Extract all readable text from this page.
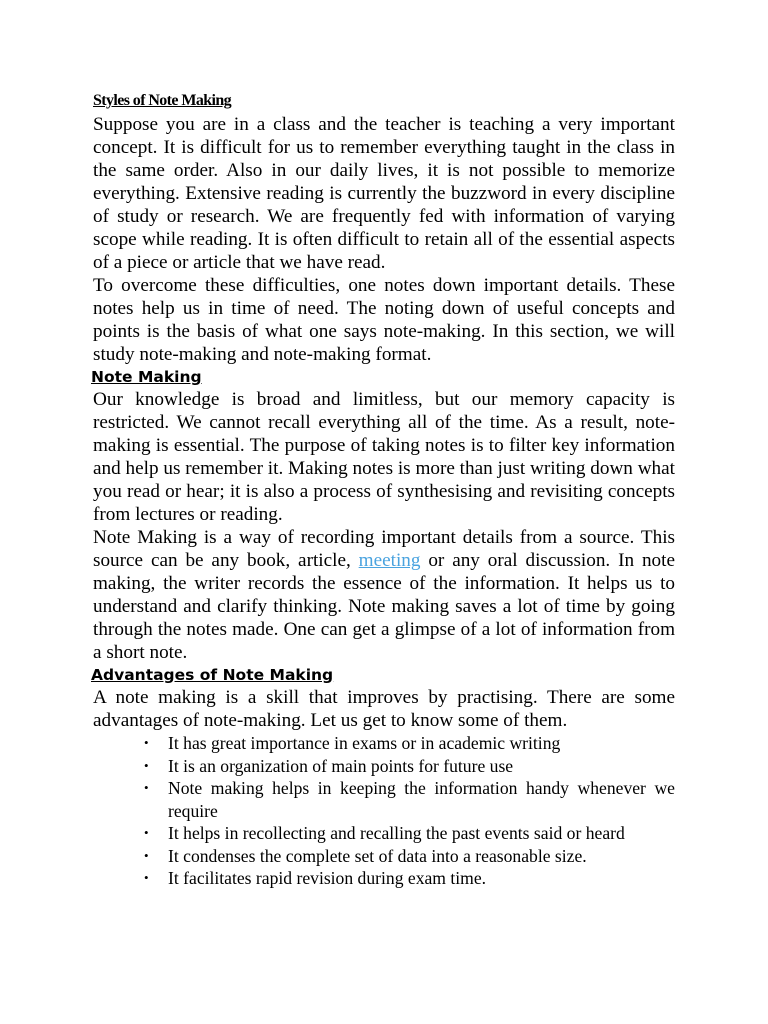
Styles of Note Making

Suppose you are in a class and the teacher is teaching a very important concept. It is difficult for us to remember everything taught in the class in the same order. Also in our daily lives, it is not possible to memorize everything. Extensive reading is currently the buzzword in every discipline of study or research. We are frequently fed with information of varying scope while reading. It is often difficult to retain all of the essential aspects of a piece or article that we have read.

To overcome these difficulties, one notes down important details. These notes help us in time of need. The noting down of useful concepts and points is the basis of what one says note-making. In this section, we will study note-making and note-making format.

Note Making

Our knowledge is broad and limitless, but our memory capacity is restricted. We cannot recall everything all of the time. As a result, note-making is essential. The purpose of taking notes is to filter key information and help us remember it. Making notes is more than just writing down what you read or hear; it is also a process of synthesising and revisiting concepts from lectures or reading.

Note Making is a way of recording important details from a source. This source can be any book, article, meeting or any oral discussion. In note making, the writer records the essence of the information. It helps us to understand and clarify thinking. Note making saves a lot of time by going through the notes made. One can get a glimpse of a lot of information from a short note.

Advantages of Note Making

A note making is a skill that improves by practising. There are some advantages of note-making. Let us get to know some of them.

• It has great importance in exams or in academic writing
• It is an organization of main points for future use
• Note making helps in keeping the information handy whenever we require
• It helps in recollecting and recalling the past events said or heard
• It condenses the complete set of data into a reasonable size.
• It facilitates rapid revision during exam time.
